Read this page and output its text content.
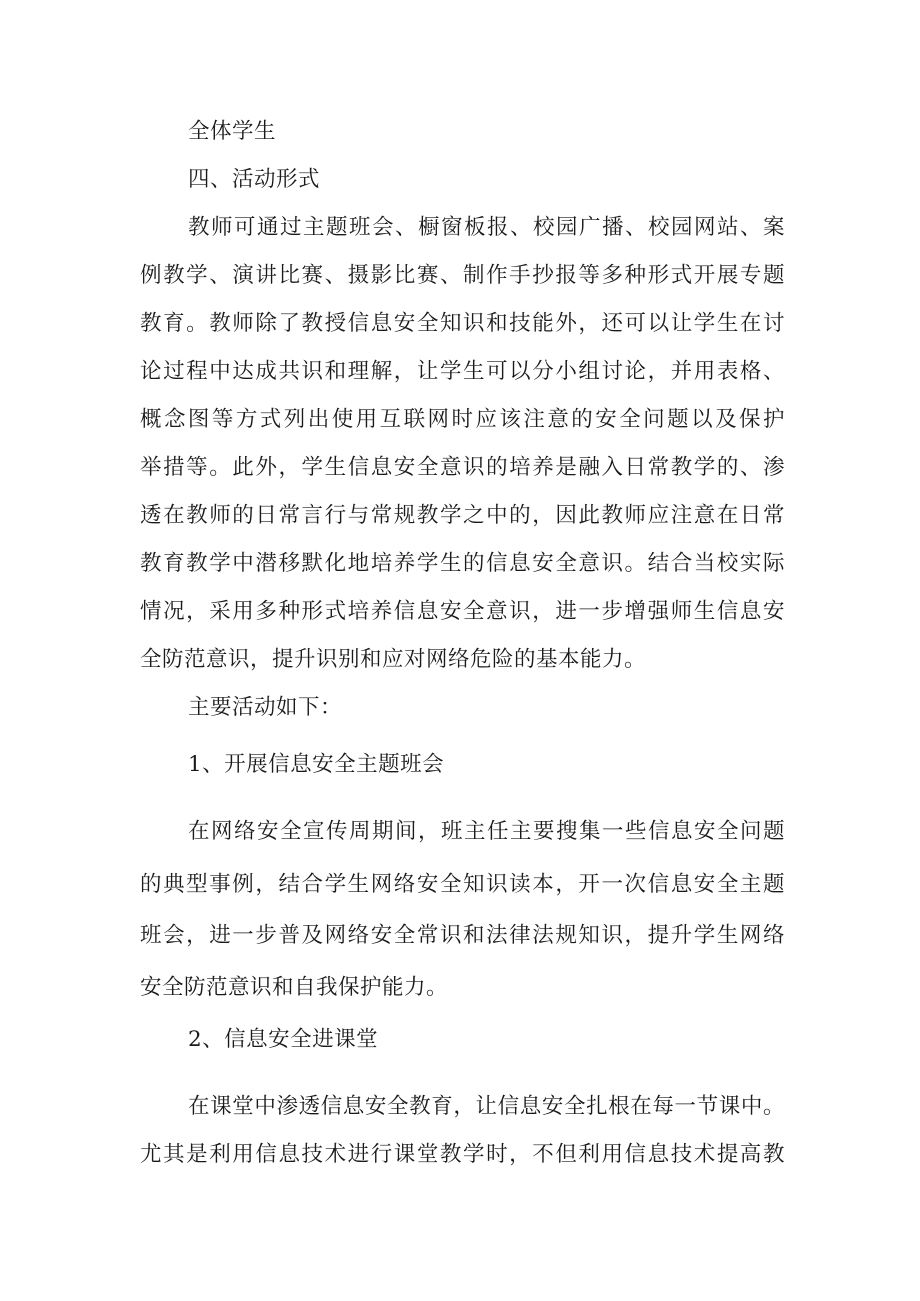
全体学生
四、活动形式
教师可通过主题班会、橱窗板报、校园广播、校园网站、案
例教学、演讲比赛、摄影比赛、制作手抄报等多种形式开展专题
教育。教师除了教授信息安全知识和技能外，还可以让学生在讨
论过程中达成共识和理解，让学生可以分小组讨论，并用表格、
概念图等方式列出使用互联网时应该注意的安全问题以及保护
举措等。此外，学生信息安全意识的培养是融入日常教学的、渗
透在教师的日常言行与常规教学之中的，因此教师应注意在日常
教育教学中潜移默化地培养学生的信息安全意识。结合当校实际
情况，采用多种形式培养信息安全意识，进一步增强师生信息安
全防范意识，提升识别和应对网络危险的基本能力。
主要活动如下：
1、开展信息安全主题班会
在网络安全宣传周期间，班主任主要搜集一些信息安全问题
的典型事例，结合学生网络安全知识读本，开一次信息安全主题
班会，进一步普及网络安全常识和法律法规知识，提升学生网络
安全防范意识和自我保护能力。
2、信息安全进课堂
在课堂中渗透信息安全教育，让信息安全扎根在每一节课中。
尤其是利用信息技术进行课堂教学时，不但利用信息技术提高教
